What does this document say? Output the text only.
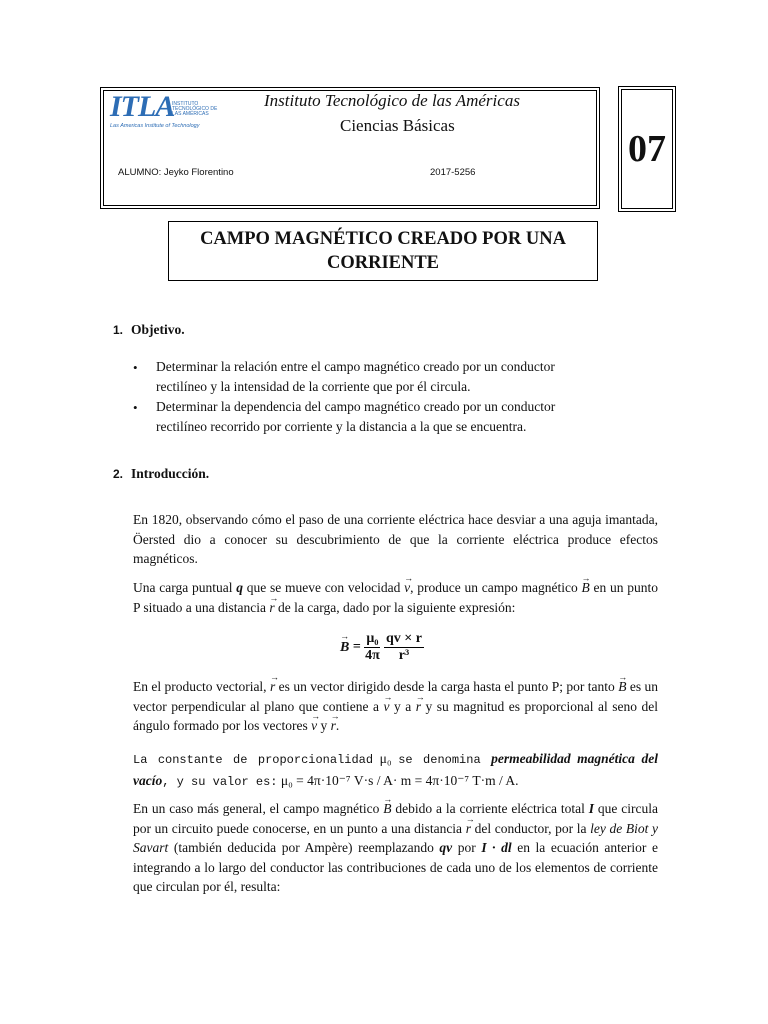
ITLA
INSTITUTO TECNOLÓGICO DE LAS AMÉRICAS
Las Americas Institute of Technology
Instituto Tecnológico de las Américas
Ciencias Básicas
ALUMNO: Jeyko Florentino	2017-5256
07
CAMPO MAGNÉTICO CREADO POR UNA
CORRIENTE
1. Objetivo.
• Determinar la relación entre el campo magnético creado por un conductor
rectilíneo y la intensidad de la corriente que por él circula.
• Determinar la dependencia del campo magnético creado por un conductor
rectilíneo recorrido por corriente y la distancia a la que se encuentra.
2. Introducción.
En 1820, observando cómo el paso de una corriente eléctrica hace desviar a una aguja imantada, Öersted dio a conocer su descubrimiento de que la corriente eléctrica produce efectos magnéticos.
Una carga puntual q que se mueve con velocidad → v, produce un campo magnético → B en un punto P situado a una distancia → r de la carga, dado por la siguiente expresión:
→ $B = \frac{\text{μ₀}}{4\pi}$
$\frac{qv \times r}{\text{r³}}$
En el producto vectorial, → r es un vector dirigido desde la carga hasta el punto P; por tanto → B es un vector perpendicular al plano que contiene a → v y a → r y su magnitud es proporcional al seno del ángulo formado por los vectores → v y → r.
La constante de proporcionalidad μ₀ se denomina permeabilidad magnética del vacío, y su valor es: μ₀ = 4π·10⁻⁷ V·s / A· m = 4π·10⁻⁷ T·m / A.
En un caso más general, el campo magnético → B debido a la corriente eléctrica total I que circula por un circuito puede conocerse, en un punto a una distancia → r del conductor, por la ley de Biot y Savart (también deducida por Ampère) reemplazando qv por I · dl en la ecuación anterior e integrando a lo largo del conductor las contribuciones de cada uno de los elementos de corriente que circulan por él, resulta:
